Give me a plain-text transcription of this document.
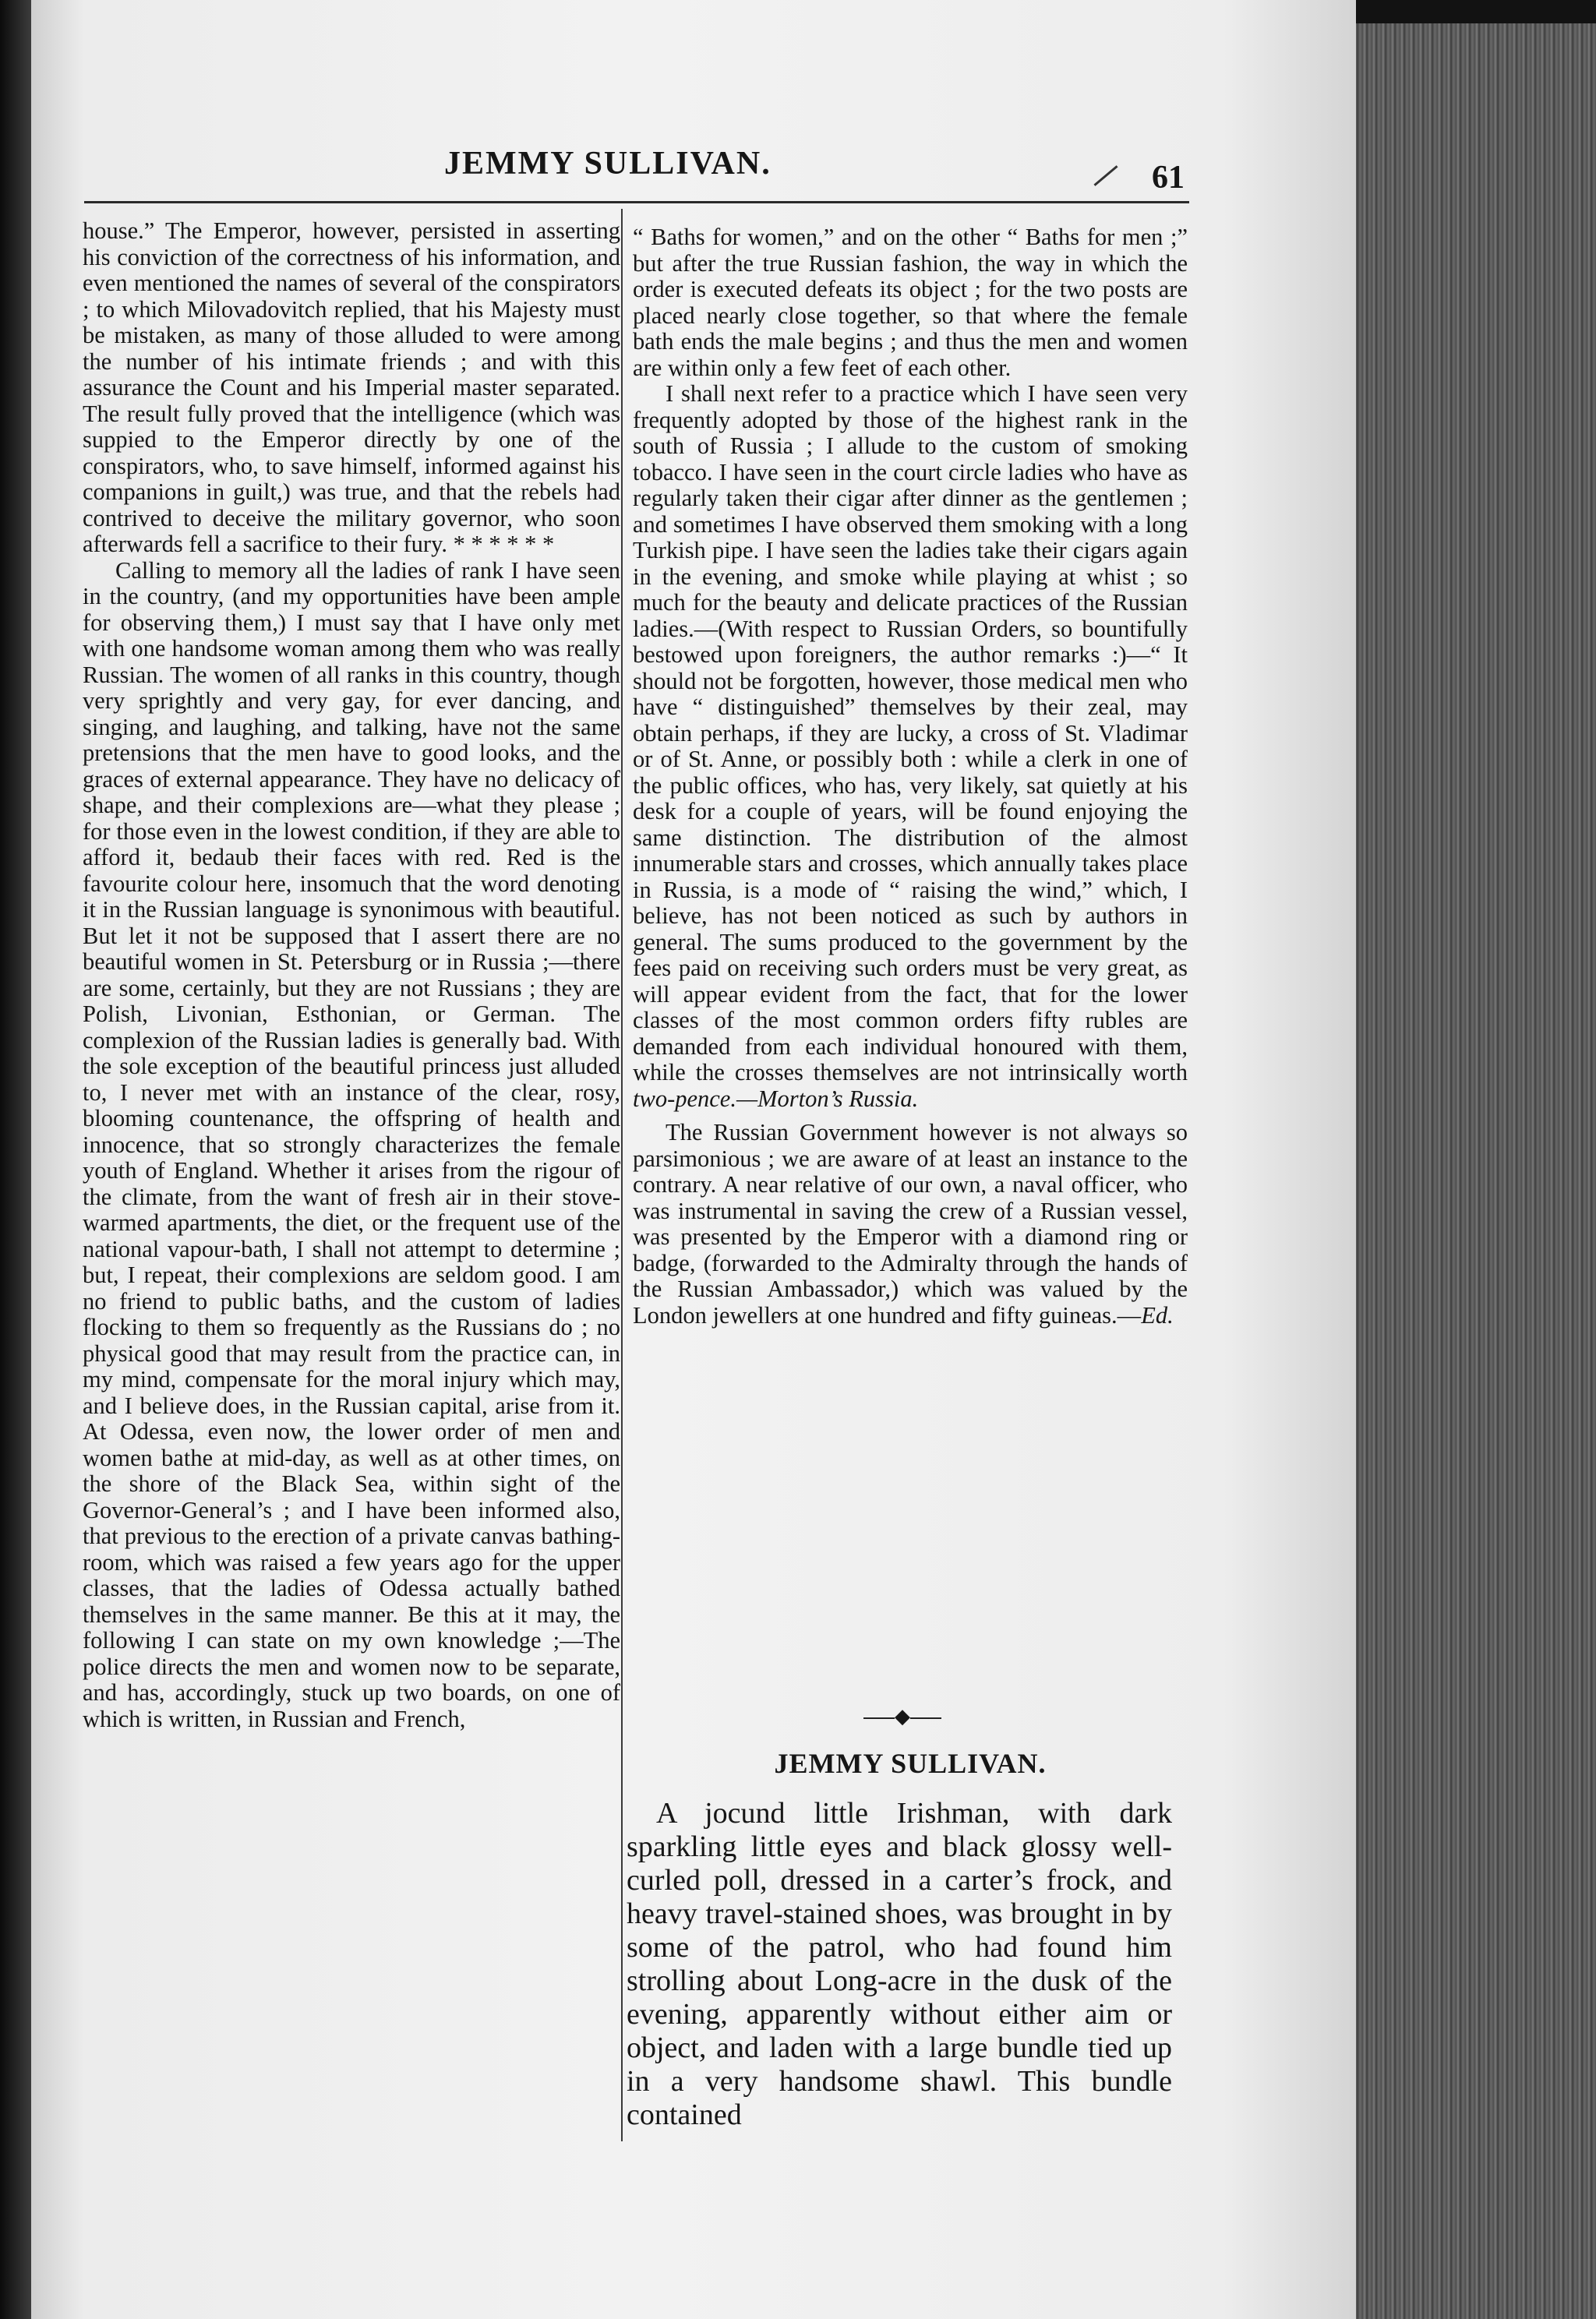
JEMMY SULLIVAN.	61

house.” The Emperor, however, persisted in asserting his conviction of the correctness of his information, and even mentioned the names of several of the conspirators ; to which Milovadovitch replied, that his Majesty must be mistaken, as many of those alluded to were among the number of his intimate friends ; and with this assurance the Count and his Imperial master separated. The result fully proved that the intelligence (which was suppied to the Emperor directly by one of the conspirators, who, to save himself, informed against his companions in guilt,) was true, and that the rebels had contrived to deceive the military governor, who soon afterwards fell a sacrifice to their fury. * * * * * *

Calling to memory all the ladies of rank I have seen in the country, (and my opportunities have been ample for observing them,) I must say that I have only met with one handsome woman among them who was really Russian. The women of all ranks in this country, though very sprightly and very gay, for ever dancing, and singing, and laughing, and talking, have not the same pretensions that the men have to good looks, and the graces of external appearance. They have no delicacy of shape, and their complexions are—what they please ; for those even in the lowest condition, if they are able to afford it, bedaub their faces with red. Red is the favourite colour here, insomuch that the word denoting it in the Russian language is synonimous with beautiful. But let it not be supposed that I assert there are no beautiful women in St. Petersburg or in Russia ;—there are some, certainly, but they are not Russians ; they are Polish, Livonian, Esthonian, or German. The complexion of the Russian ladies is generally bad. With the sole exception of the beautiful princess just alluded to, I never met with an instance of the clear, rosy, blooming countenance, the offspring of health and innocence, that so strongly characterizes the female youth of England. Whether it arises from the rigour of the climate, from the want of fresh air in their stove-warmed apartments, the diet, or the frequent use of the national vapour-bath, I shall not attempt to determine ; but, I repeat, their complexions are seldom good. I am no friend to public baths, and the custom of ladies flocking to them so frequently as the Russians do ; no physical good that may result from the practice can, in my mind, compensate for the moral injury which may, and I believe does, in the Russian capital, arise from it. At Odessa, even now, the lower order of men and women bathe at mid-day, as well as at other times, on the shore of the Black Sea, within sight of the Governor-General’s ; and I have been informed also, that previous to the erection of a private canvas bathing-room, which was raised a few years ago for the upper classes, that the ladies of Odessa actually bathed themselves in the same manner. Be this at it may, the following I can state on my own knowledge ;—The police directs the men and women now to be separate, and has, accordingly, stuck up two boards, on one of which is written, in Russian and French,

“ Baths for women,” and on the other “ Baths for men ;” but after the true Russian fashion, the way in which the order is executed defeats its object ; for the two posts are placed nearly close together, so that where the female bath ends the male begins ; and thus the men and women are within only a few feet of each other.

I shall next refer to a practice which I have seen very frequently adopted by those of the highest rank in the south of Russia ; I allude to the custom of smoking tobacco. I have seen in the court circle ladies who have as regularly taken their cigar after dinner as the gentlemen ; and sometimes I have observed them smoking with a long Turkish pipe. I have seen the ladies take their cigars again in the evening, and smoke while playing at whist ; so much for the beauty and delicate practices of the Russian ladies.—(With respect to Russian Orders, so bountifully bestowed upon foreigners, the author remarks :)—“ It should not be forgotten, however, those medical men who have “ distinguished” themselves by their zeal, may obtain perhaps, if they are lucky, a cross of St. Vladimar or of St. Anne, or possibly both : while a clerk in one of the public offices, who has, very likely, sat quietly at his desk for a couple of years, will be found enjoying the same distinction. The distribution of the almost innumerable stars and crosses, which annually takes place in Russia, is a mode of “ raising the wind,” which, I believe, has not been noticed as such by authors in general. The sums produced to the government by the fees paid on receiving such orders must be very great, as will appear evident from the fact, that for the lower classes of the most common orders fifty rubles are demanded from each individual honoured with them, while the crosses themselves are not intrinsically worth two-pence.—Morton’s Russia.

The Russian Government however is not always so parsimonious ; we are aware of at least an instance to the contrary. A near relative of our own, a naval officer, who was instrumental in saving the crew of a Russian vessel, was presented by the Emperor with a diamond ring or badge, (forwarded to the Admiralty through the hands of the Russian Ambassador,) which was valued by the London jewellers at one hundred and fifty guineas.—Ed.

◆
JEMMY SULLIVAN.

A jocund little Irishman, with dark sparkling little eyes and black glossy well-curled poll, dressed in a carter’s frock, and heavy travel-stained shoes, was brought in by some of the patrol, who had found him strolling about Long-acre in the dusk of the evening, apparently without either aim or object, and laden with a large bundle tied up in a very handsome shawl. This bundle contained
